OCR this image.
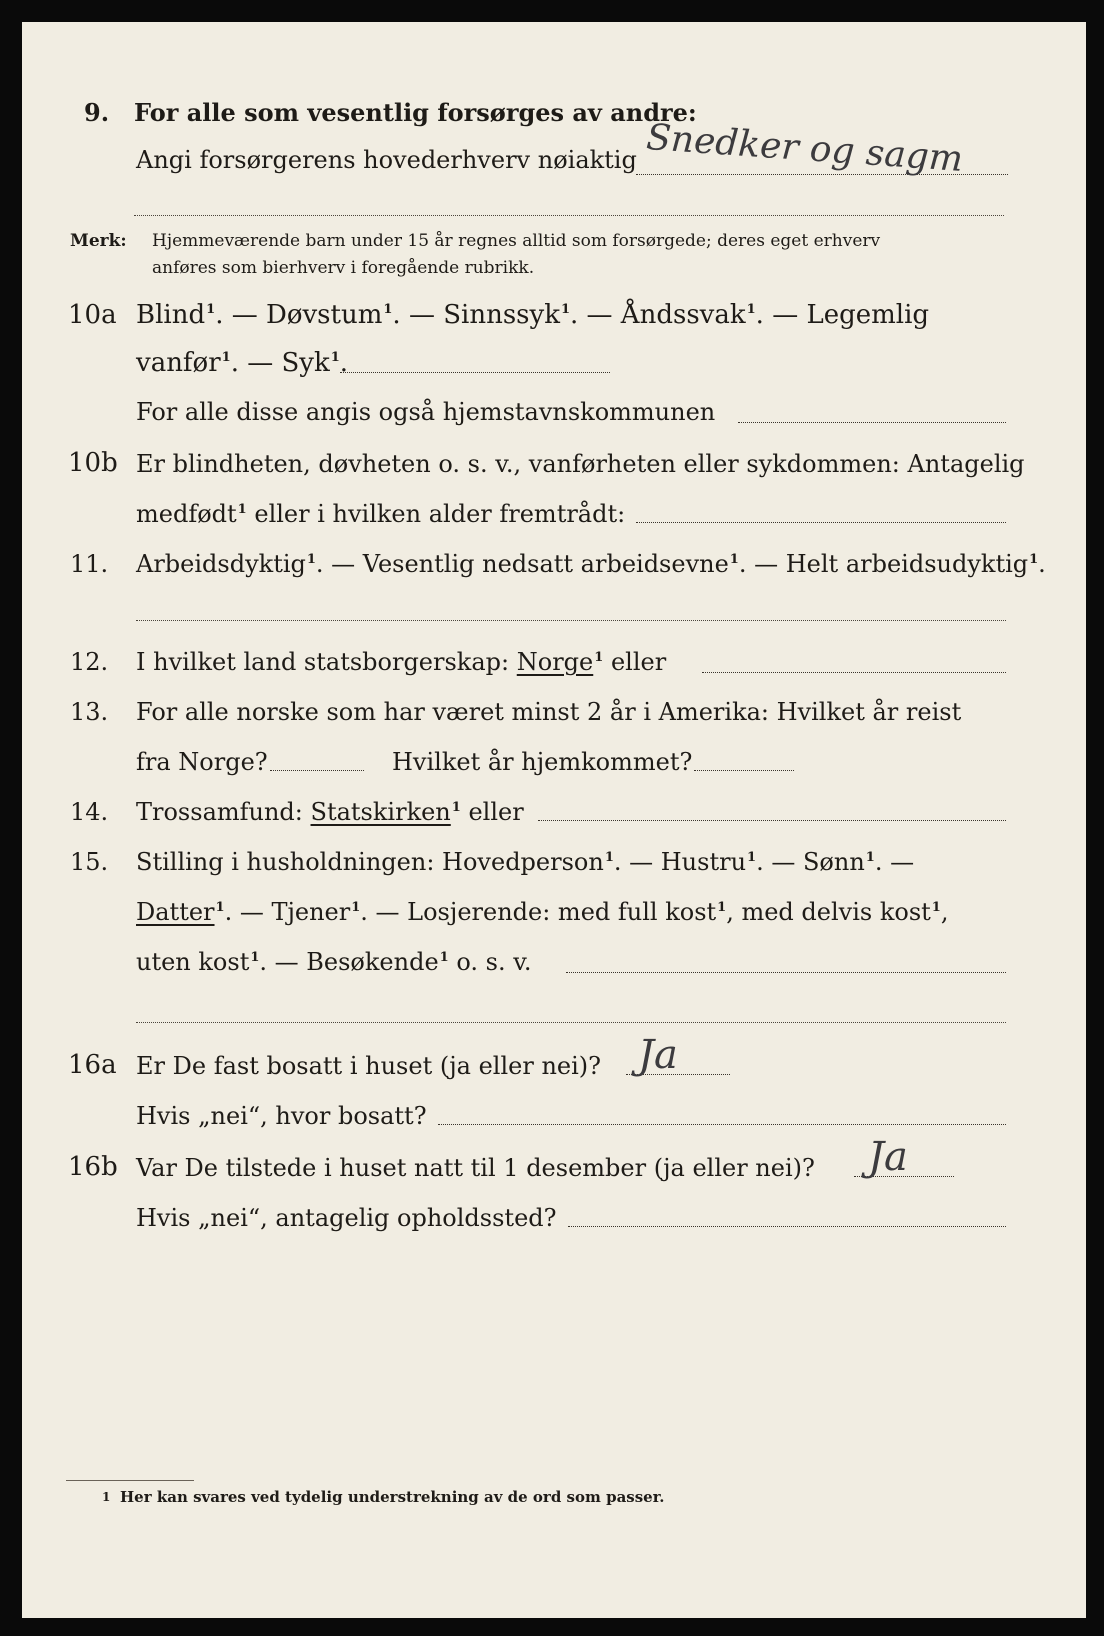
9. For alle som vesentlig forsørges av andre:
Angi forsørgerens hovederhverv nøiaktig Snedker og sagm
Merk: Hjemmeværende barn under 15 år regnes alltid som forsørgede; deres eget erhverv
anføres som bierhverv i foregående rubrikk.
10a Blind$^1$. — Døvstum$^1$. — Sinnssyk$^1$. — Åndssvak$^1$. — Legemlig
vanfør$^1$. — Syk$^1$.
For alle disse angis også hjemstavnskommunen
10b Er blindheten, døvheten o. s. v., vanførheten eller sykdommen: Antagelig
medfødt$^1$ eller i hvilken alder fremtrådt:
11. Arbeidsdyktig$^1$. — Vesentlig nedsatt arbeidsevne$^1$. — Helt arbeidsudyktig$^1$.
12. I hvilket land statsborgerskap: Norge$^1$ eller
13. For alle norske som har været minst 2 år i Amerika: Hvilket år reist
fra Norge?	Hvilket år hjemkommet?
14. Trossamfund: Statskirken$^1$ eller
15. Stilling i husholdningen: Hovedperson$^1$. — Hustru$^1$. — Sønn$^1$. —
Datter$^1$. — Tjener$^1$. — Losjerende: med full kost$^1$, med delvis kost$^1$,
uten kost$^1$. — Besøkende$^1$ o. s. v.
16a Er De fast bosatt i huset (ja eller nei)? Ja
Hvis „nei“, hvor bosatt?
16b Var De tilstede i huset natt til 1 desember (ja eller nei)? Ja
Hvis „nei“, antagelig opholdssted?
1 Her kan svares ved tydelig understrekning av de ord som passer.
